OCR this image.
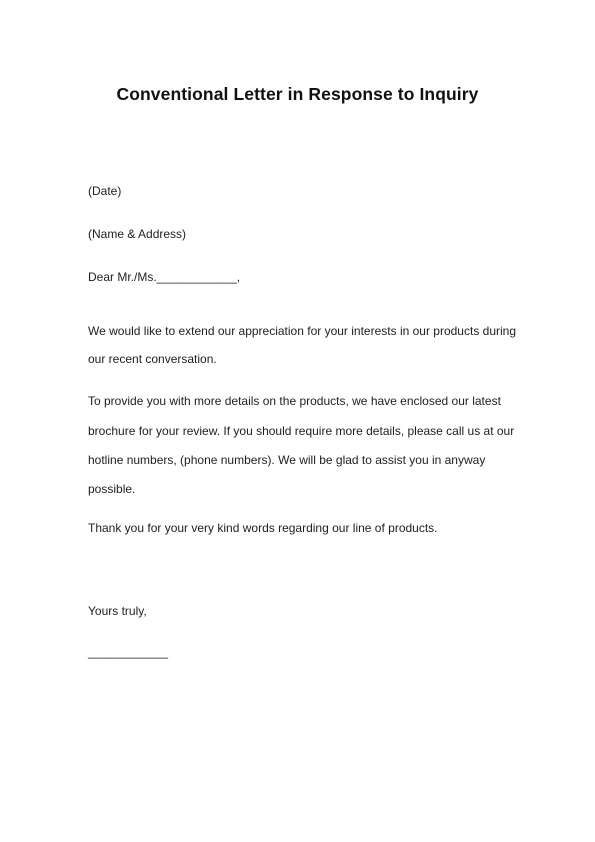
Conventional Letter in Response to Inquiry
(Date)
(Name & Address)
Dear Mr./Ms.____________,
We would like to extend our appreciation for your interests in our products during
our recent conversation.
To provide you with more details on the products, we have enclosed our latest
brochure for your review. If you should require more details, please call us at our
hotline numbers, (phone numbers). We will be glad to assist you in anyway
possible.
Thank you for your very kind words regarding our line of products.
Yours truly,
____________
